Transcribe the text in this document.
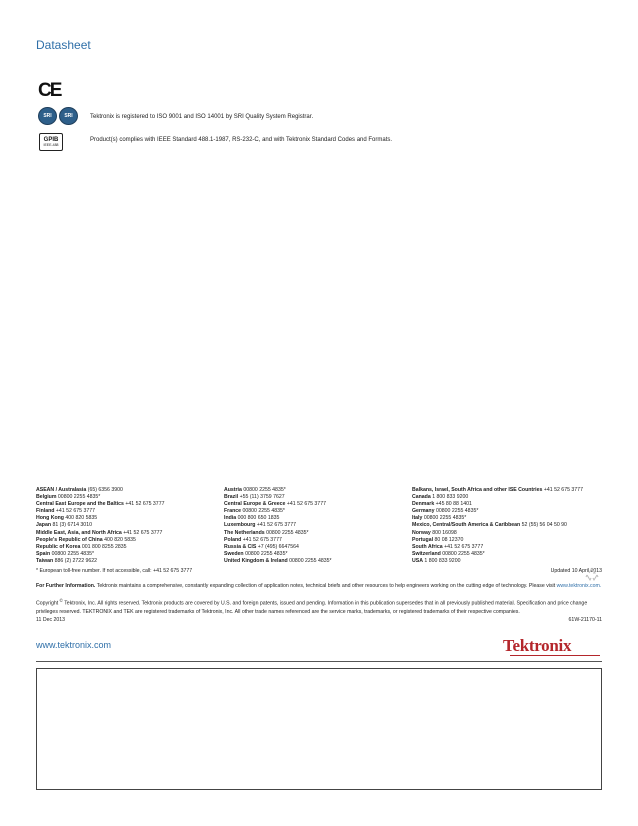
Datasheet
CE
SRI	SRI	Tektronix is registered to ISO 9001 and ISO 14001 by SRI Quality System Registrar.
GPIB
IEEE-488
Product(s) complies with IEEE Standard 488.1-1987, RS-232-C, and with Tektronix Standard Codes and Formats.
ASEAN / Australasia (65) 6356 3900
Belgium 00800 2255 4835*
Central East Europe and the Baltics +41 52 675 3777
Finland +41 52 675 3777
Hong Kong 400 820 5835
Japan 81 (3) 6714 3010
Middle East, Asia, and North Africa +41 52 675 3777
People's Republic of China 400 820 5835
Republic of Korea 001 800 8255 2835
Spain 00800 2255 4835*
Taiwan 886 (2) 2722 9622
Austria 00800 2255 4835*
Brazil +55 (11) 3759 7627
Central Europe & Greece +41 52 675 3777
France 00800 2255 4835*
India 000 800 650 1835
Luxembourg +41 52 675 3777
The Netherlands 00800 2255 4835*
Poland +41 52 675 3777
Russia & CIS +7 (495) 6647564
Sweden 00800 2255 4835*
United Kingdom & Ireland 00800 2255 4835*
Balkans, Israel, South Africa and other ISE Countries +41 52 675 3777
Canada 1 800 833 9200
Denmark +45 80 88 1401
Germany 00800 2255 4835*
Italy 00800 2255 4835*
Mexico, Central/South America & Caribbean 52 (55) 56 04 50 90
Norway 800 16098
Portugal 80 08 12370
South Africa +41 52 675 3777
Switzerland 00800 2255 4835*
USA 1 800 833 9200
* European toll-free number. If not accessible, call: +41 52 675 3777	Updated 10 April 2013
For Further Information. Tektronix maintains a comprehensive, constantly expanding collection of application notes, technical briefs and other resources to help engineers working on the cutting edge of technology. Please visit www.tektronix.com.
Copyright © Tektronix, Inc. All rights reserved. Tektronix products are covered by U.S. and foreign patents, issued and pending. Information in this publication supersedes that in all previously published material. Specification and price change privileges reserved. TEKTRONIX and TEK are registered trademarks of Tektronix, Inc. All other trade names referenced are the service marks, trademarks, or registered trademarks of their respective companies.
11 Dec 2013	61W-21170-11
www.tektronix.com	Tektronix
